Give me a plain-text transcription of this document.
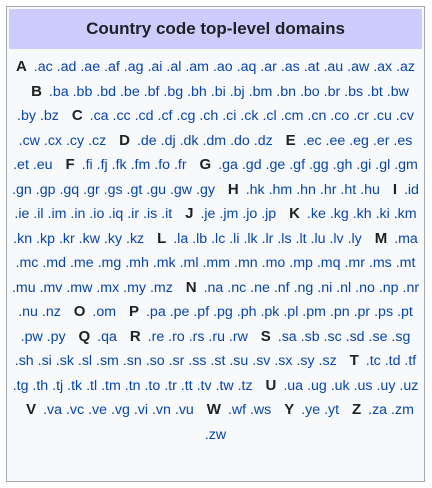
Country code top-level domains
A .ac .ad .ae .af .ag .ai .al .am .ao .aq .ar .as .at .au .aw .ax .az B .ba .bb .bd .be .bf .bg .bh .bi .bj .bm .bn .bo .br .bs .bt .bw .by .bz C .ca .cc .cd .cf .cg .ch .ci .ck .cl .cm .cn .co .cr .cu .cv .cw .cx .cy .cz D .de .dj .dk .dm .do .dz E .ec .ee .eg .er .es .et .eu F .fi .fj .fk .fm .fo .fr G .ga .gd .ge .gf .gg .gh .gi .gl .gm .gn .gp .gq .gr .gs .gt .gu .gw .gy H .hk .hm .hn .hr .ht .hu I .id .ie .il .im .in .io .iq .ir .is .it J .je .jm .jo .jp K .ke .kg .kh .ki .km .kn .kp .kr .kw .ky .kz L .la .lb .lc .li .lk .lr .ls .lt .lu .lv .ly M .ma .mc .md .me .mg .mh .mk .ml .mm .mn .mo .mp .mq .mr .ms .mt .mu .mv .mw .mx .my .mz N .na .nc .ne .nf .ng .ni .nl .no .np .nr .nu .nz O .om P .pa .pe .pf .pg .ph .pk .pl .pm .pn .pr .ps .pt .pw .py Q .qa R .re .ro .rs .ru .rw S .sa .sb .sc .sd .se .sg .sh .si .sk .sl .sm .sn .so .sr .ss .st .su .sv .sx .sy .sz T .tc .td .tf .tg .th .tj .tk .tl .tm .tn .to .tr .tt .tv .tw .tz U .ua .ug .uk .us .uy .uz V .va .vc .ve .vg .vi .vn .vu W .wf .ws Y .ye .yt Z .za .zm .zw
